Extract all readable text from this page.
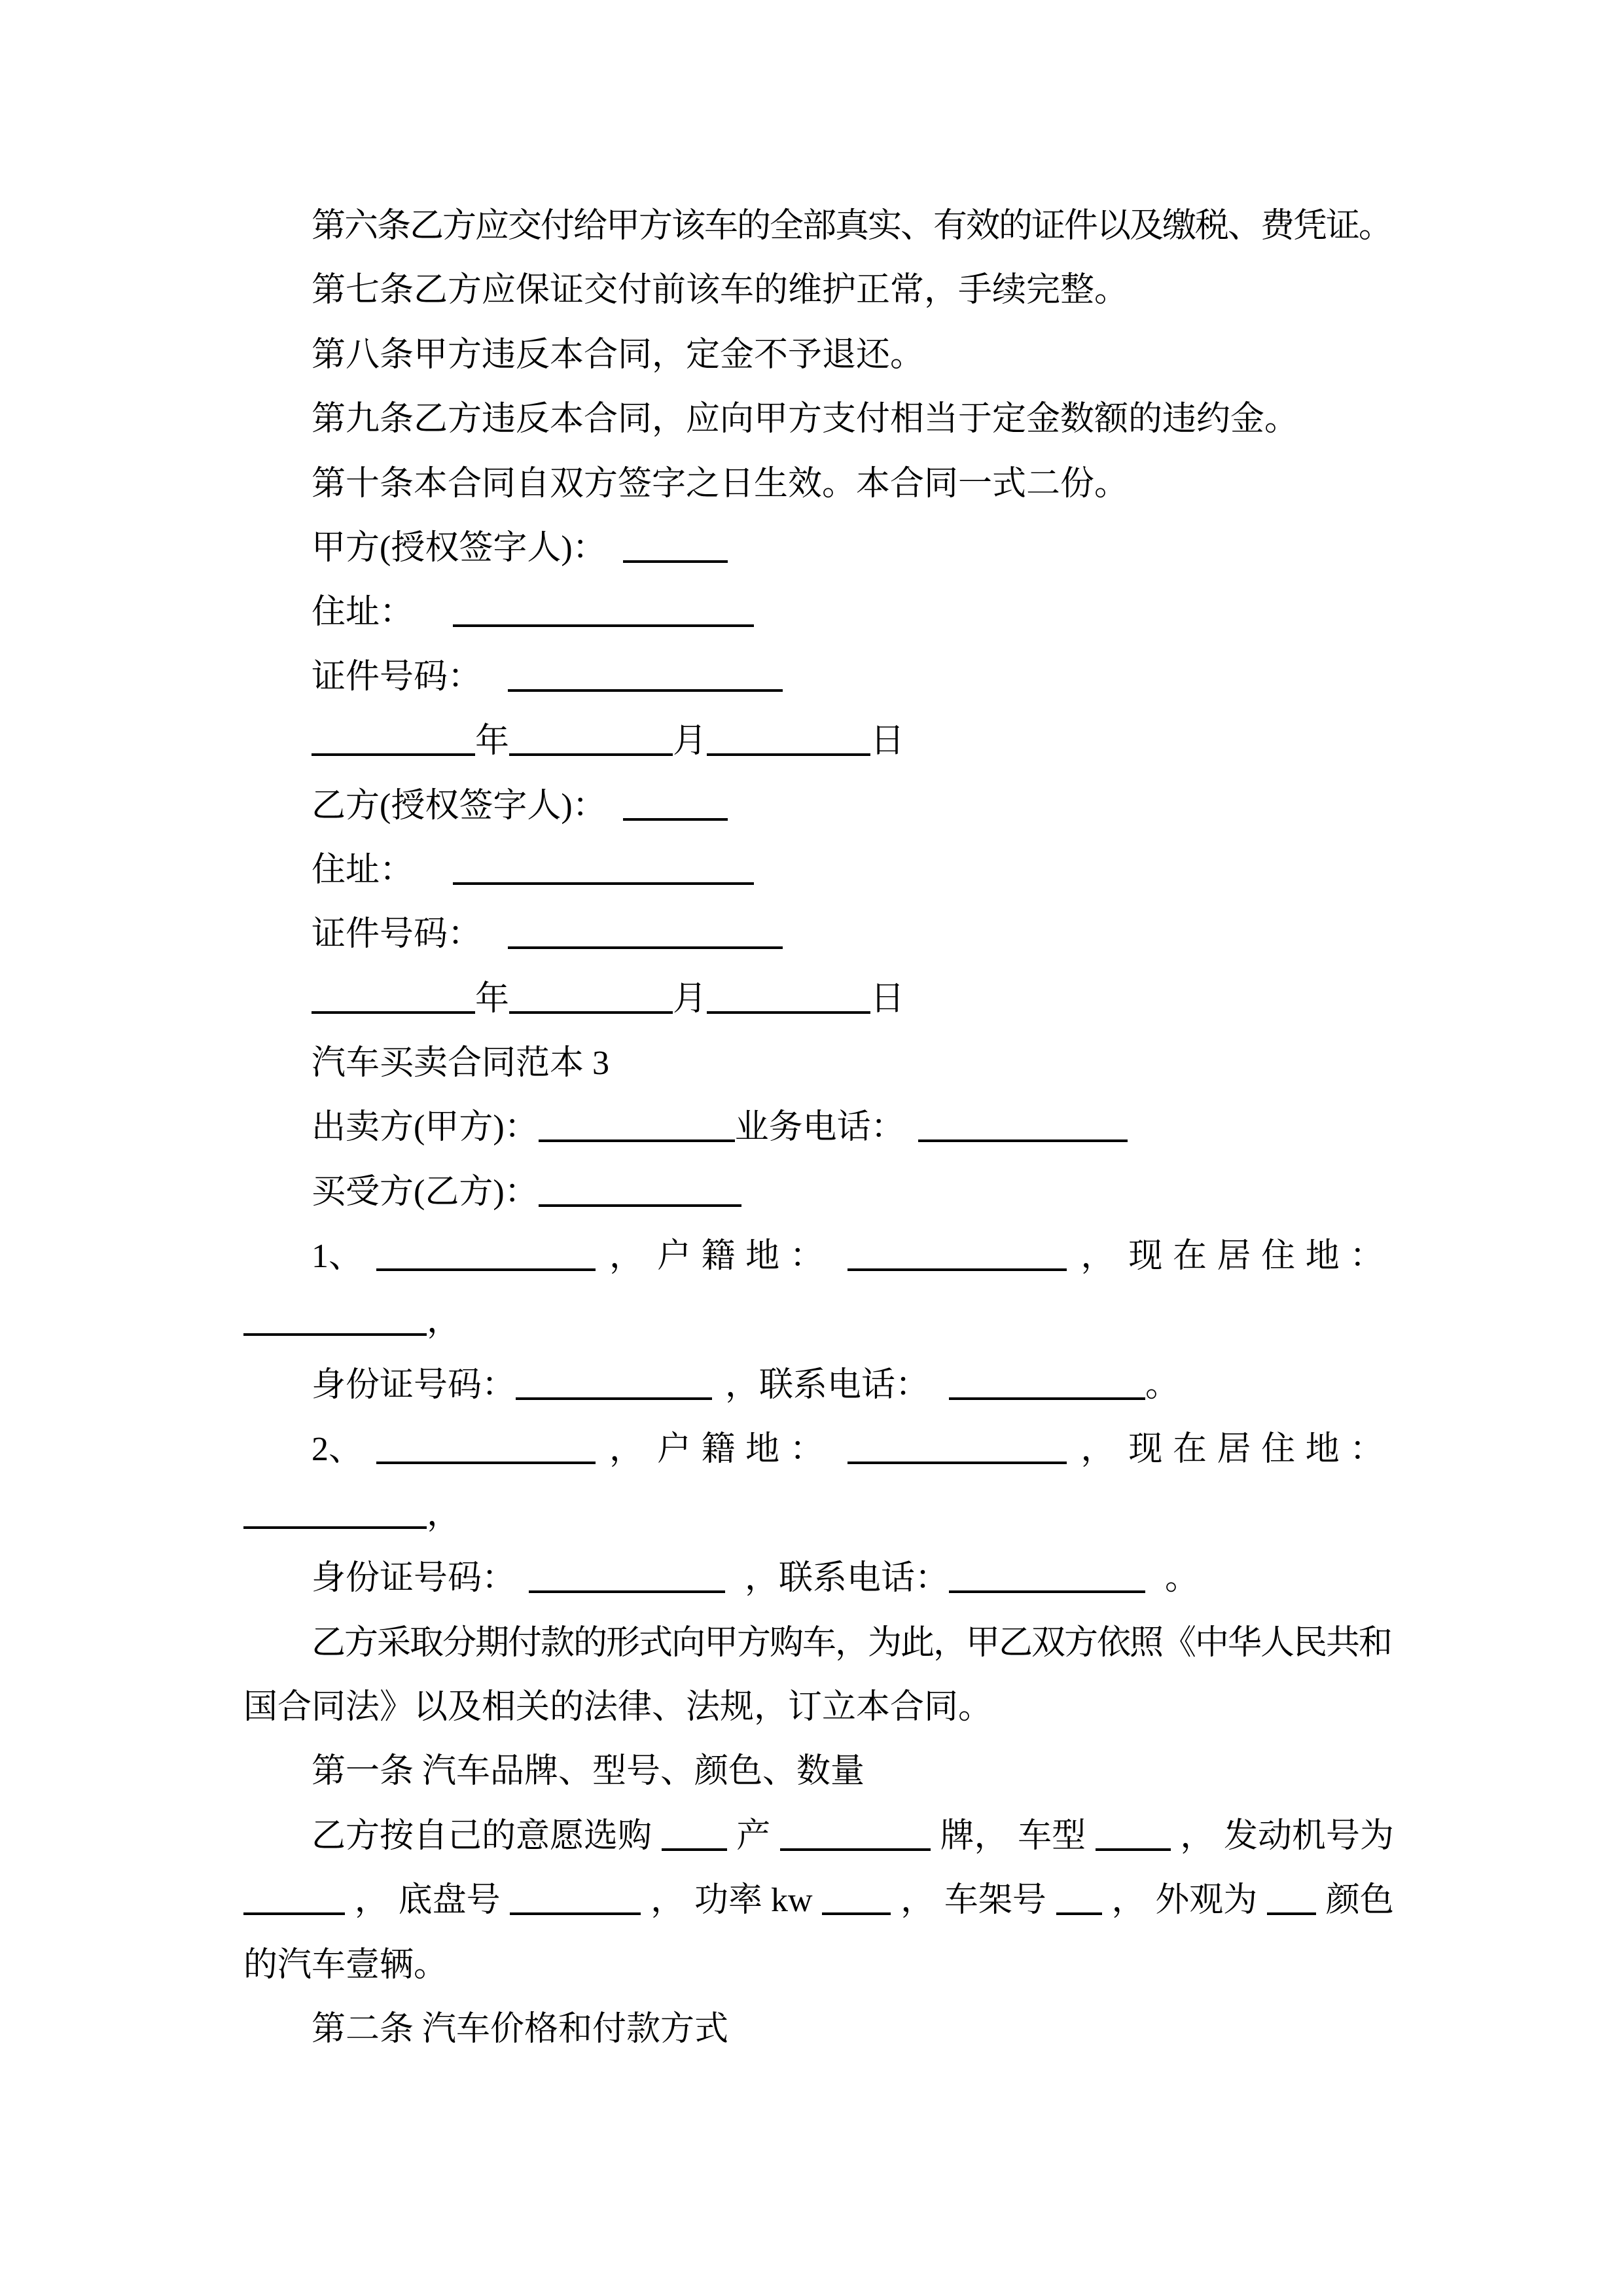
第六条乙方应交付给甲方该车的全部真实、有效的证件以及缴税、费凭证。
第七条乙方应保证交付前该车的维护正常，手续完整。
第八条甲方违反本合同，定金不予退还。
第九条乙方违反本合同，应向甲方支付相当于定金数额的违约金。
第十条本合同自双方签字之日生效。本合同一式二份。
甲方(授权签字人)：
住址：
证件号码：
年	月	日
乙方(授权签字人)：
住址：
证件号码：
年	月	日
汽车买卖合同范本 3
出卖方(甲方)：	业务电话：
买受方(乙方)：
1、	， 户籍地：	， 现在居住地：
，
身份证号码：	，联系电话：	。
2、	， 户籍地：	， 现在居住地：
，
身份证号码：	，联系电话：	。
乙方采取分期付款的形式向甲方购车，为此，甲乙双方依照《中华人民共和
国合同法》以及相关的法律、法规，订立本合同。
第一条 汽车品牌、型号、颜色、数量
乙方按自己的意愿选购 产	牌， 车型	， 发动机号为
， 底盘号	， 功率 kw	， 车架号 ， 外观为 颜色
的汽车壹辆。
第二条 汽车价格和付款方式
